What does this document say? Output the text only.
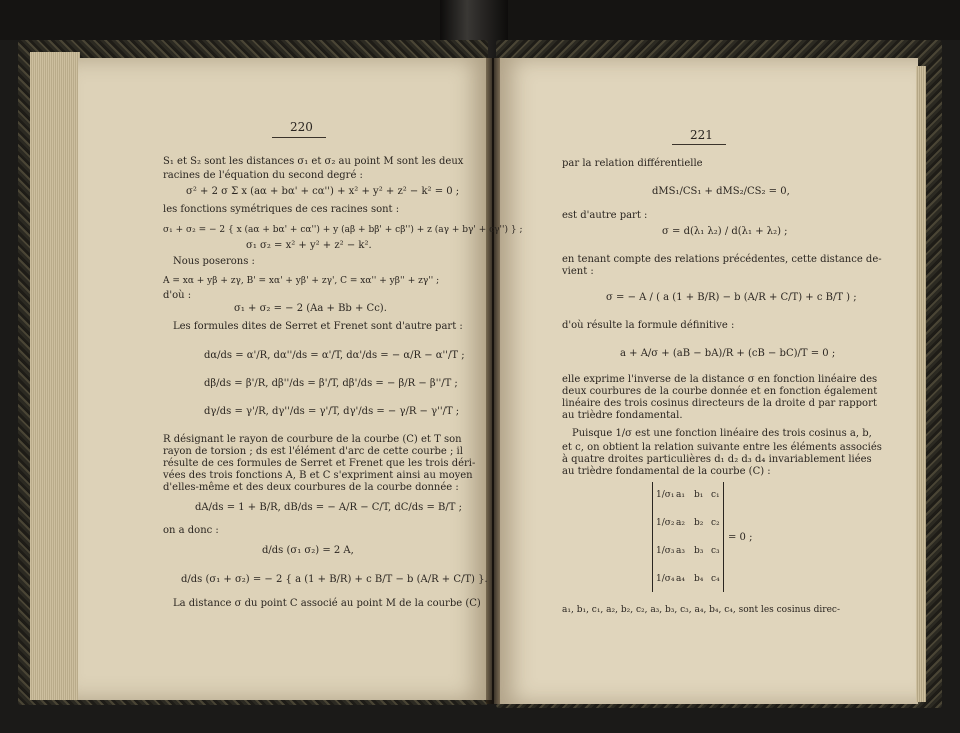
220
S₁ et S₂ sont les distances σ₁ et σ₂ au point M sont les deux
racines de l'équation du second degré :
σ² + 2 σ Σ x (aα + bα' + cα'') + x² + y² + z² − k² = 0 ;
les fonctions symétriques de ces racines sont :
σ₁ + σ₂ = − 2 { x (aα + bα' + cα'') + y (aβ + bβ' + cβ'') + z (aγ + bγ' + cγ'') } ;
σ₁ σ₂ = x² + y² + z² − k².
Nous poserons :
A = xα + yβ + zγ, B' = xα' + yβ' + zγ', C = xα'' + yβ'' + zγ'' ;
d'où :
σ₁ + σ₂ = − 2 (Aa + Bb + Cc).
Les formules dites de Serret et Frenet sont d'autre part :
dα/ds = α'/R, dα''/ds = α'/T, dα'/ds = − α/R − α''/T ;
dβ/ds = β'/R, dβ''/ds = β'/T, dβ'/ds = − β/R − β''/T ;
dγ/ds = γ'/R, dγ''/ds = γ'/T, dγ'/ds = − γ/R − γ''/T ;
R désignant le rayon de courbure de la courbe (C) et T son
rayon de torsion ; ds est l'élément d'arc de cette courbe ; il
résulte de ces formules de Serret et Frenet que les trois déri-
vées des trois fonctions A, B et C s'expriment ainsi au moyen
d'elles-même et des deux courbures de la courbe donnée :
dA/ds = 1 + B/R, dB/ds = − A/R − C/T, dC/ds = B/T ;
on a donc :
d/ds (σ₁ σ₂) = 2 A,
d/ds (σ₁ + σ₂) = − 2 { a (1 + B/R) + c B/T − b (A/R + C/T) }.
La distance σ du point C associé au point M de la courbe (C)
221
par la relation différentielle
dMS₁/CS₁ + dMS₂/CS₂ = 0,
est d'autre part :
σ = d(λ₁ λ₂) / d(λ₁ + λ₂) ;
en tenant compte des relations précédentes, cette distance de-
vient :
σ = − A / ( a (1 + B/R) − b (A/R + C/T) + c B/T ) ;
d'où résulte la formule définitive :
a + A/σ + (aB − bA)/R + (cB − bC)/T = 0 ;
elle exprime l'inverse de la distance σ en fonction linéaire des
deux courbures de la courbe donnée et en fonction également
linéaire des trois cosinus directeurs de la droite d par rapport
au trièdre fondamental.
Puisque 1/σ est une fonction linéaire des trois cosinus a, b,
et c, on obtient la relation suivante entre les éléments associés
à quatre droites particulières d₁ d₂ d₃ d₄ invariablement liées
au trièdre fondamental de la courbe (C) :
1/σ₁ a₁ b₁ c₁
1/σ₂ a₂ b₂ c₂
1/σ₃ a₃ b₃ c₃
1/σ₄ a₄ b₄ c₄
= 0 ;
a₁, b₁, c₁, a₂, b₂, c₂, a₃, b₃, c₃, a₄, b₄, c₄, sont les cosinus direc-
